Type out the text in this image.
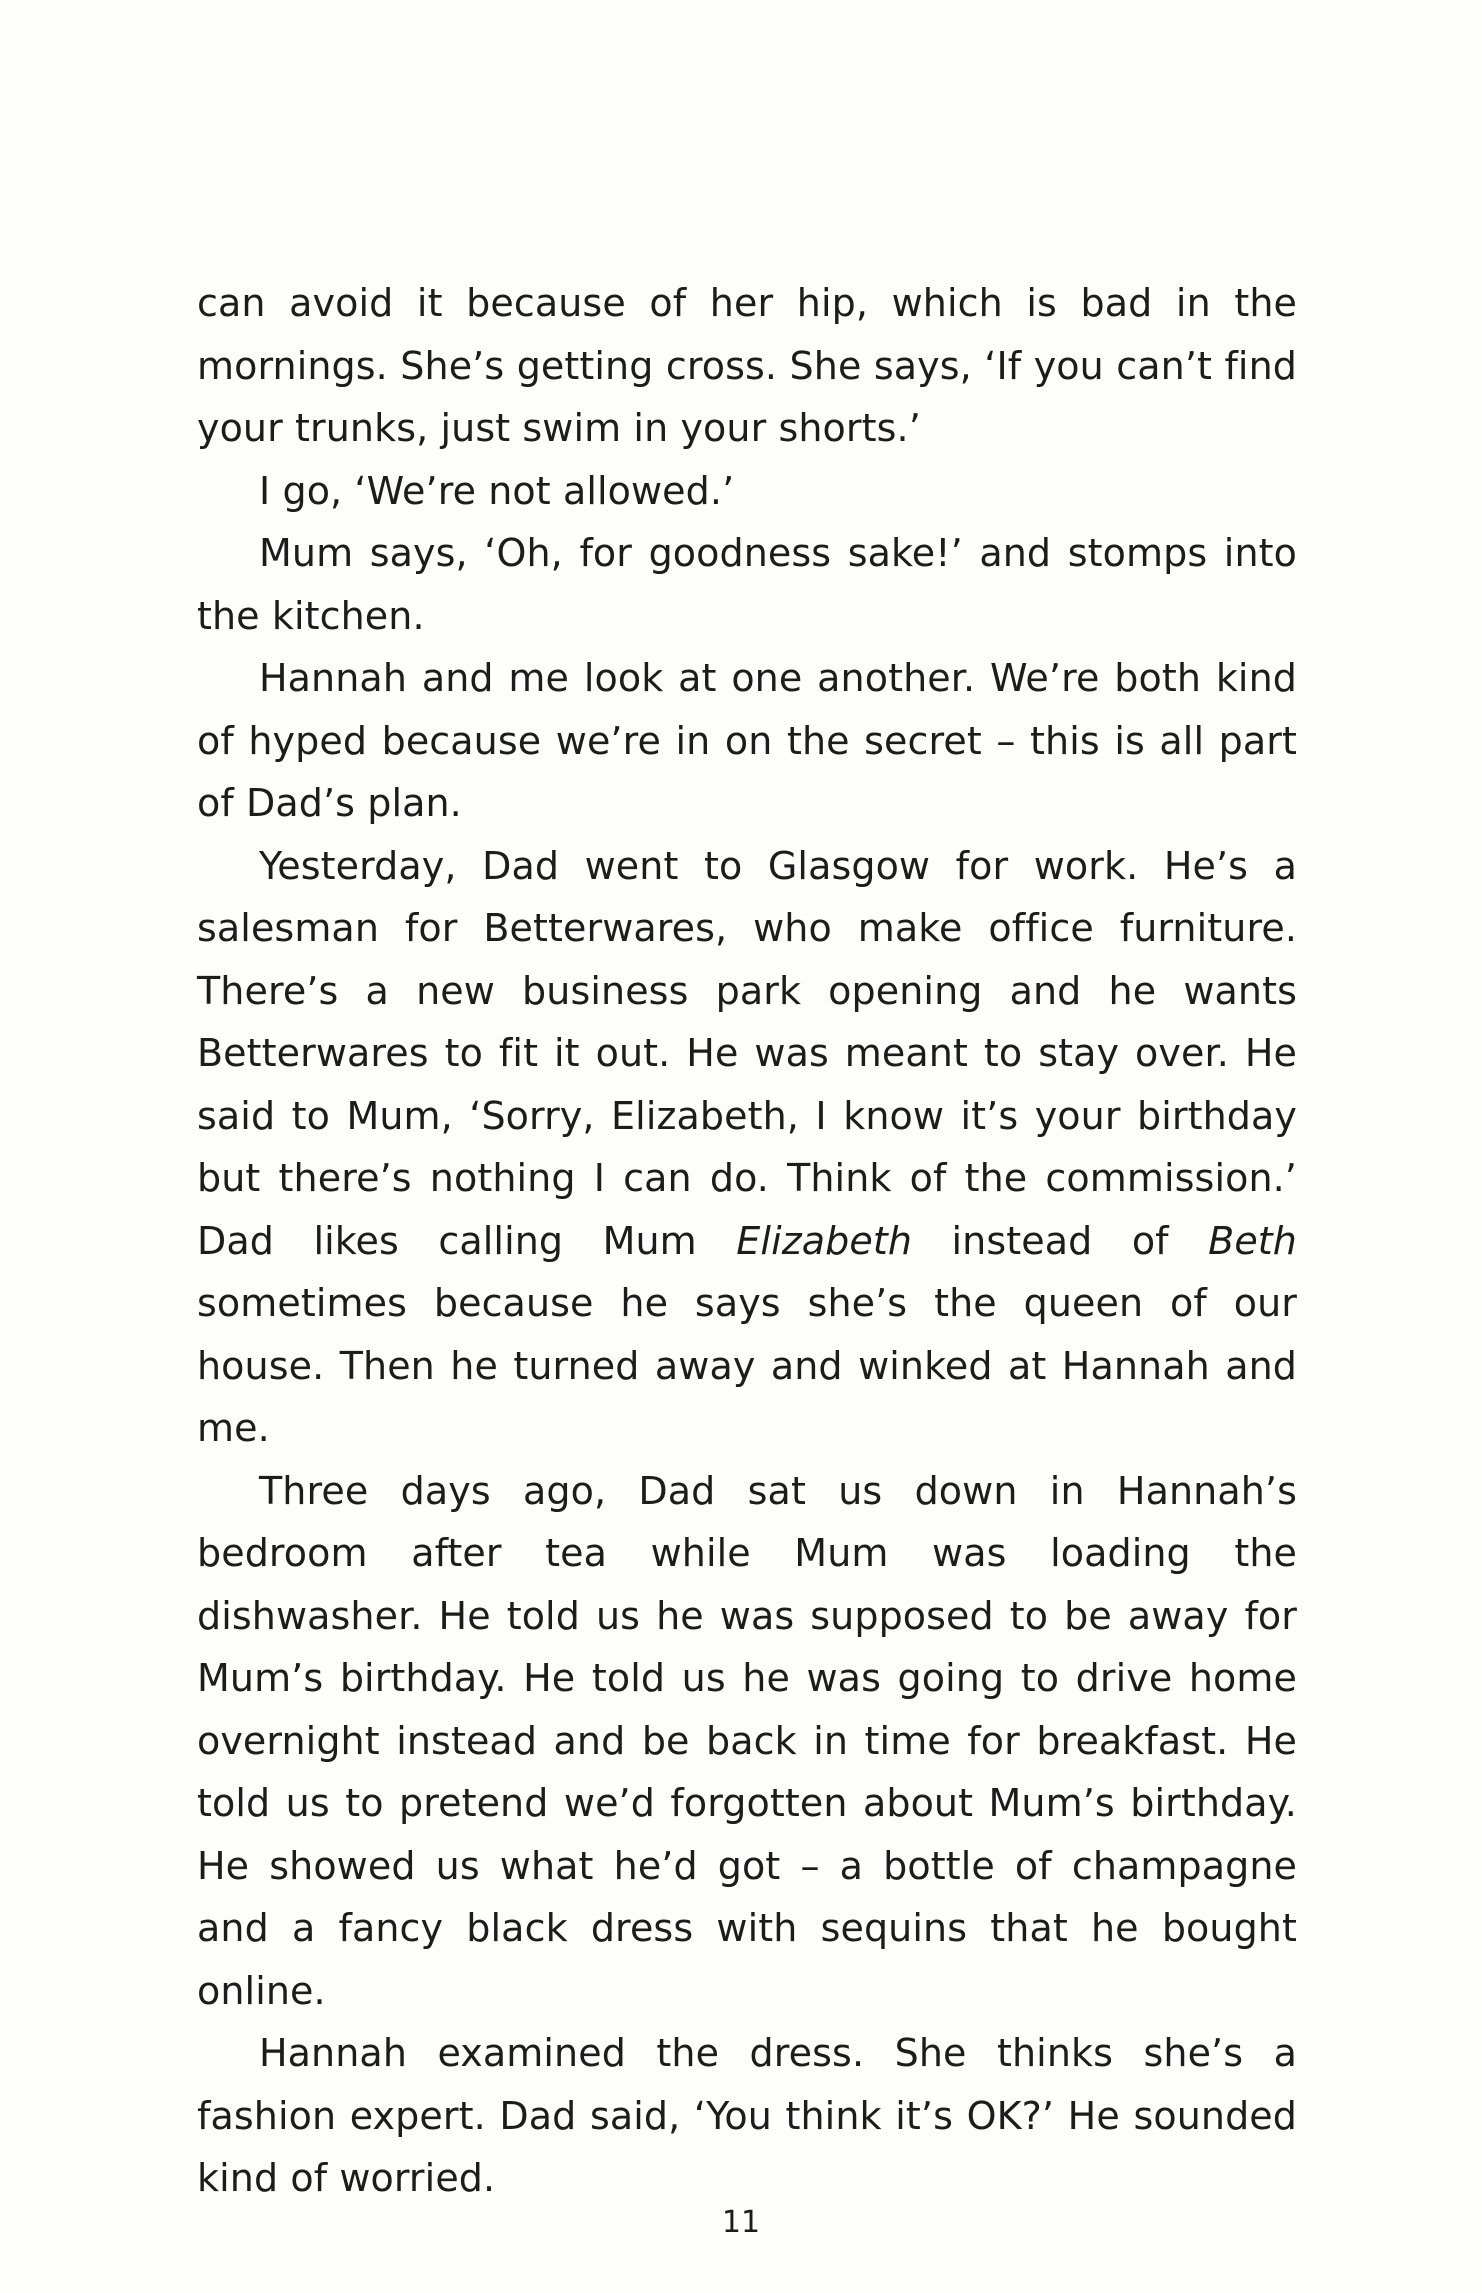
can avoid it because of her hip, which is bad in the mornings. She’s getting cross. She says, ‘If you can’t find your trunks, just swim in your shorts.’

I go, ‘We’re not allowed.’

Mum says, ‘Oh, for goodness sake!’ and stomps into the kitchen.

Hannah and me look at one another. We’re both kind of hyped because we’re in on the secret – this is all part of Dad’s plan.

Yesterday, Dad went to Glasgow for work. He’s a salesman for Betterwares, who make office furniture. There’s a new business park opening and he wants Betterwares to fit it out. He was meant to stay over. He said to Mum, ‘Sorry, Elizabeth, I know it’s your birthday but there’s nothing I can do. Think of the commission.’ Dad likes calling Mum Elizabeth instead of Beth sometimes because he says she’s the queen of our house. Then he turned away and winked at Hannah and me.

Three days ago, Dad sat us down in Hannah’s bedroom after tea while Mum was loading the dishwasher. He told us he was supposed to be away for Mum’s birthday. He told us he was going to drive home overnight instead and be back in time for breakfast. He told us to pretend we’d forgotten about Mum’s birthday. He showed us what he’d got – a bottle of champagne and a fancy black dress with sequins that he bought online.

Hannah examined the dress. She thinks she’s a fashion expert. Dad said, ‘You think it’s OK?’ He sounded kind of worried.

11
